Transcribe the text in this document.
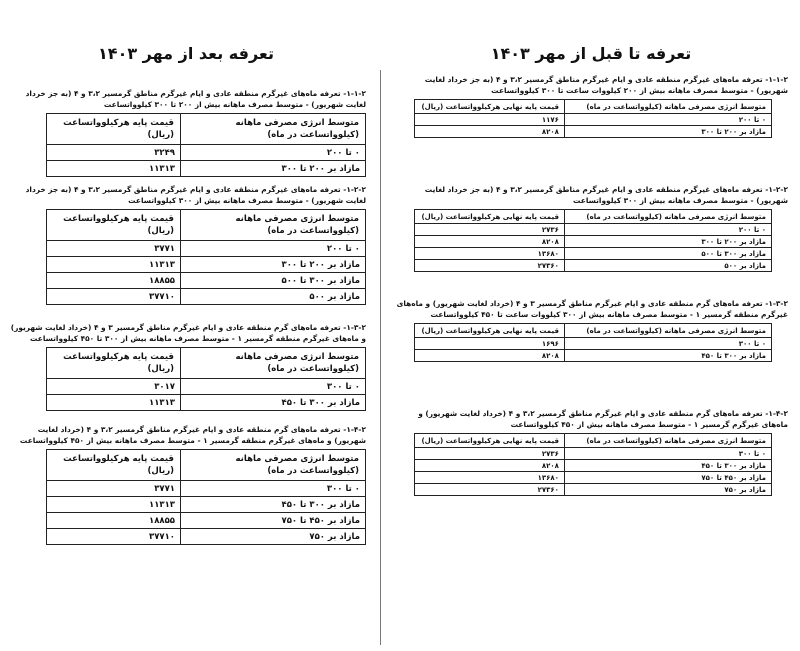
تعرفه بعد از مهر ۱۴۰۳
۱-۱-۲- تعرفه ماه‌های غیرگرم منطقه عادی و ایام غیرگرم مناطق گرمسیر ۳،۲ و ۴ (به جز خرداد لغایت شهریور) - متوسط مصرف ماهانه بیش از ۲۰۰ تا ۳۰۰ کیلوواتساعت
متوسط انرژی مصرفی ماهانه (کیلوواتساعت در ماه)	قیمت پایه هرکیلوواتساعت (ریال)
۰ تا ۲۰۰	۳۲۴۹
مازاد بر ۲۰۰ تا ۳۰۰	۱۱۳۱۳
۱-۲-۲- تعرفه ماه‌های غیرگرم منطقه عادی و ایام غیرگرم مناطق گرمسیر ۳،۲ و ۴ (به جز خرداد لغایت شهریور) - متوسط مصرف ماهانه بیش از ۳۰۰ کیلوواتساعت
متوسط انرژی مصرفی ماهانه (کیلوواتساعت در ماه)	قیمت پایه هرکیلوواتساعت (ریال)
۰ تا ۲۰۰	۳۷۷۱
مازاد بر ۲۰۰ تا ۳۰۰	۱۱۳۱۳
مازاد بر ۳۰۰ تا ۵۰۰	۱۸۸۵۵
مازاد بر ۵۰۰	۳۷۷۱۰
۱-۳-۲- تعرفه ماه‌های گرم منطقه عادی و ایام غیرگرم مناطق گرمسیر ۳ و ۴ (خرداد لغایت شهریور) و ماه‌های غیرگرم منطقه گرمسیر ۱ - متوسط مصرف ماهانه بیش از ۳۰۰ تا ۴۵۰ کیلوواتساعت
متوسط انرژی مصرفی ماهانه (کیلوواتساعت در ماه)	قیمت پایه هرکیلوواتساعت (ریال)
۰ تا ۳۰۰	۳۰۱۷
مازاد بر ۳۰۰ تا ۴۵۰	۱۱۳۱۳
۱-۴-۲- تعرفه ماه‌های گرم منطقه عادی و ایام غیرگرم مناطق گرمسیر ۳،۲ و ۴ (خرداد لغایت شهریور) و ماه‌های غیرگرم منطقه گرمسیر ۱ - متوسط مصرف ماهانه بیش از ۴۵۰ کیلوواتساعت
متوسط انرژی مصرفی ماهانه (کیلوواتساعت در ماه)	قیمت پایه هرکیلوواتساعت (ریال)
۰ تا ۳۰۰	۳۷۷۱
مازاد بر ۳۰۰ تا ۴۵۰	۱۱۳۱۳
مازاد بر ۴۵۰ تا ۷۵۰	۱۸۸۵۵
مازاد بر ۷۵۰	۳۷۷۱۰
تعرفه تا قبل از مهر ۱۴۰۳
۱-۱-۲- تعرفه ماه‌های غیرگرم منطقه عادی و ایام غیرگرم مناطق گرمسیر ۳،۲ و ۴ (به جز خرداد لغایت شهریور) - متوسط مصرف ماهانه بیش از ۲۰۰ کیلووات ساعت تا ۳۰۰ کیلوواتساعت
متوسط انرژی مصرفی ماهانه (کیلوواتساعت در ماه)	قیمت پایه نهایی هرکیلوواتساعت (ریال)
۰ تا ۲۰۰	۱۱۷۶
مازاد بر ۲۰۰ تا ۳۰۰	۸۲۰۸
۱-۲-۲- تعرفه ماه‌های غیرگرم منطقه عادی و ایام غیرگرم مناطق گرمسیر ۳،۲ و ۴ (به جز خرداد لغایت شهریور) - متوسط مصرف ماهانه بیش از ۳۰۰ کیلوواتساعت
متوسط انرژی مصرفی ماهانه (کیلوواتساعت در ماه)	قیمت پایه نهایی هرکیلوواتساعت (ریال)
۰ تا ۲۰۰	۲۷۳۶
مازاد بر ۲۰۰ تا ۳۰۰	۸۲۰۸
مازاد بر ۳۰۰ تا ۵۰۰	۱۳۶۸۰
مازاد بر ۵۰۰	۲۷۳۶۰
۱-۳-۲- تعرفه ماه‌های گرم منطقه عادی و ایام غیرگرم مناطق گرمسیر ۳ و ۴ (خرداد لغایت شهریور) و ماه‌های غیرگرم منطقه گرمسیر ۱ - متوسط مصرف ماهانه بیش از ۳۰۰ کیلووات ساعت تا ۴۵۰ کیلوواتساعت
متوسط انرژی مصرفی ماهانه (کیلوواتساعت در ماه)	قیمت پایه نهایی هرکیلوواتساعت (ریال)
۰ تا ۳۰۰	۱۶۹۶
مازاد بر ۳۰۰ تا ۴۵۰	۸۲۰۸
۱-۴-۲- تعرفه ماه‌های گرم منطقه عادی و ایام غیرگرم مناطق گرمسیر ۳،۲ و ۴ (خرداد لغایت شهریور) و ماه‌های غیرگرم گرمسیر ۱ - متوسط مصرف ماهانه بیش از ۴۵۰ کیلوواتساعت
متوسط انرژی مصرفی ماهانه (کیلوواتساعت در ماه)	قیمت پایه نهایی هرکیلوواتساعت (ریال)
۰ تا ۳۰۰	۲۷۳۶
مازاد بر ۳۰۰ تا ۴۵۰	۸۲۰۸
مازاد بر ۴۵۰ تا ۷۵۰	۱۳۶۸۰
مازاد بر ۷۵۰	۲۷۳۶۰
